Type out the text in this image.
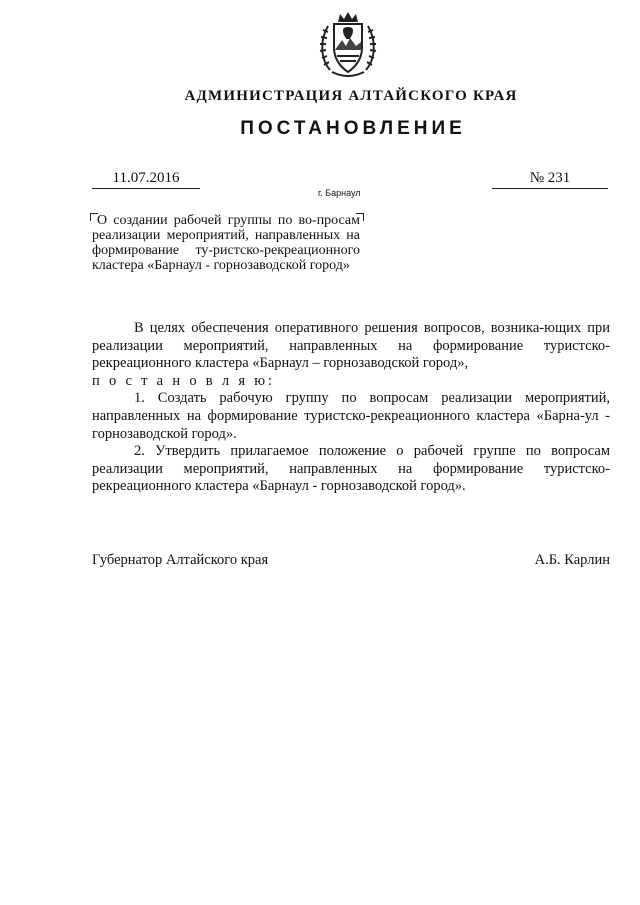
АДМИНИСТРАЦИЯ АЛТАЙСКОГО КРАЯ
ПОСТАНОВЛЕНИЕ
11.07.2016	№ 231
г. Барнаул

О создании рабочей группы по во-просам реализации мероприятий, направленных на формирование ту-ристско-рекреационного кластера «Барнаул - горнозаводской город»

В целях обеспечения оперативного решения вопросов, возника-ющих при реализации мероприятий, направленных на формирование туристско-рекреационного кластера «Барнаул – горнозаводской город»,

п о с т а н о в л я ю:

1. Создать рабочую группу по вопросам реализации мероприятий, направленных на формирование туристско-рекреационного кластера «Барна-ул - горнозаводской город».

2. Утвердить прилагаемое положение о рабочей группе по вопросам реализации мероприятий, направленных на формирование туристско-рекреационного кластера «Барнаул - горнозаводской город».

Губернатор Алтайского края	А.Б. Карлин
